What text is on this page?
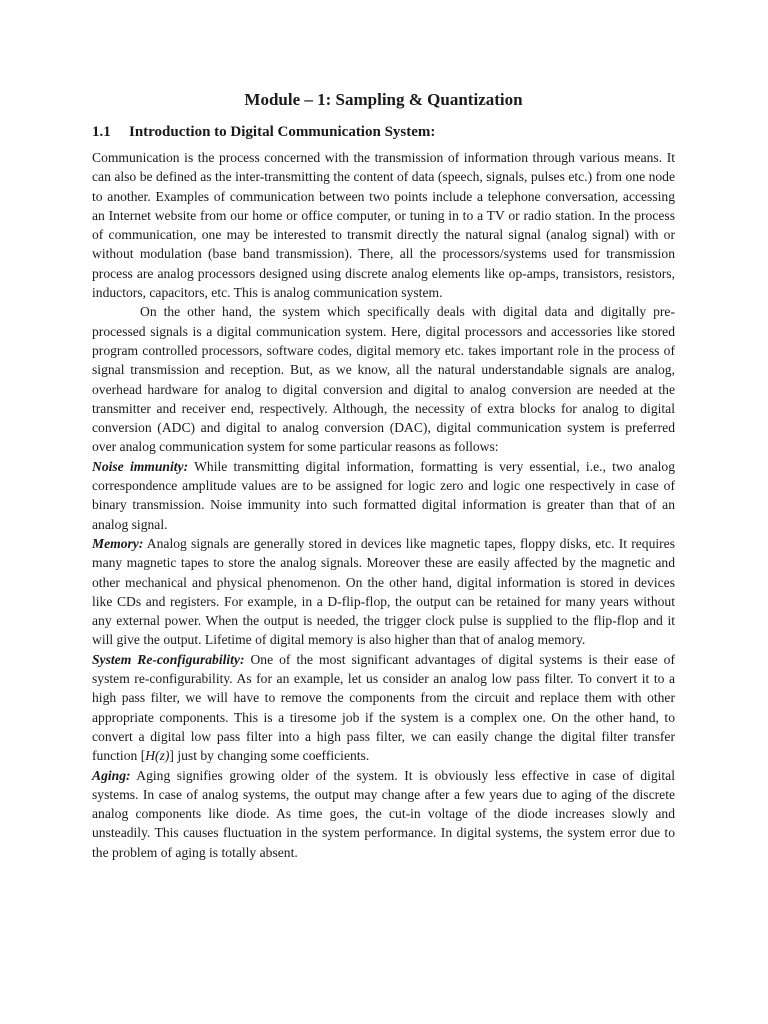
Module – 1: Sampling & Quantization
1.1 Introduction to Digital Communication System:

Communication is the process concerned with the transmission of information through various means. It can also be defined as the inter-transmitting the content of data (speech, signals, pulses etc.) from one node to another. Examples of communication between two points include a telephone conversation, accessing an Internet website from our home or office computer, or tuning in to a TV or radio station. In the process of communication, one may be interested to transmit directly the natural signal (analog signal) with or without modulation (base band transmission). There, all the processors/systems used for transmission process are analog processors designed using discrete analog elements like op-amps, transistors, resistors, inductors, capacitors, etc. This is analog communication system.

On the other hand, the system which specifically deals with digital data and digitally pre-processed signals is a digital communication system. Here, digital processors and accessories like stored program controlled processors, software codes, digital memory etc. takes important role in the process of signal transmission and reception. But, as we know, all the natural understandable signals are analog, overhead hardware for analog to digital conversion and digital to analog conversion are needed at the transmitter and receiver end, respectively. Although, the necessity of extra blocks for analog to digital conversion (ADC) and digital to analog conversion (DAC), digital communication system is preferred over analog communication system for some particular reasons as follows:

Noise immunity: While transmitting digital information, formatting is very essential, i.e., two analog correspondence amplitude values are to be assigned for logic zero and logic one respectively in case of binary transmission. Noise immunity into such formatted digital information is greater than that of an analog signal.

Memory: Analog signals are generally stored in devices like magnetic tapes, floppy disks, etc. It requires many magnetic tapes to store the analog signals. Moreover these are easily affected by the magnetic and other mechanical and physical phenomenon. On the other hand, digital information is stored in devices like CDs and registers. For example, in a D-flip-flop, the output can be retained for many years without any external power. When the output is needed, the trigger clock pulse is supplied to the flip-flop and it will give the output. Lifetime of digital memory is also higher than that of analog memory.

System Re-configurability: One of the most significant advantages of digital systems is their ease of system re-configurability. As for an example, let us consider an analog low pass filter. To convert it to a high pass filter, we will have to remove the components from the circuit and replace them with other appropriate components. This is a tiresome job if the system is a complex one. On the other hand, to convert a digital low pass filter into a high pass filter, we can easily change the digital filter transfer function [H(z)] just by changing some coefficients.

Aging: Aging signifies growing older of the system. It is obviously less effective in case of digital systems. In case of analog systems, the output may change after a few years due to aging of the discrete analog components like diode. As time goes, the cut-in voltage of the diode increases slowly and unsteadily. This causes fluctuation in the system performance. In digital systems, the system error due to the problem of aging is totally absent.
